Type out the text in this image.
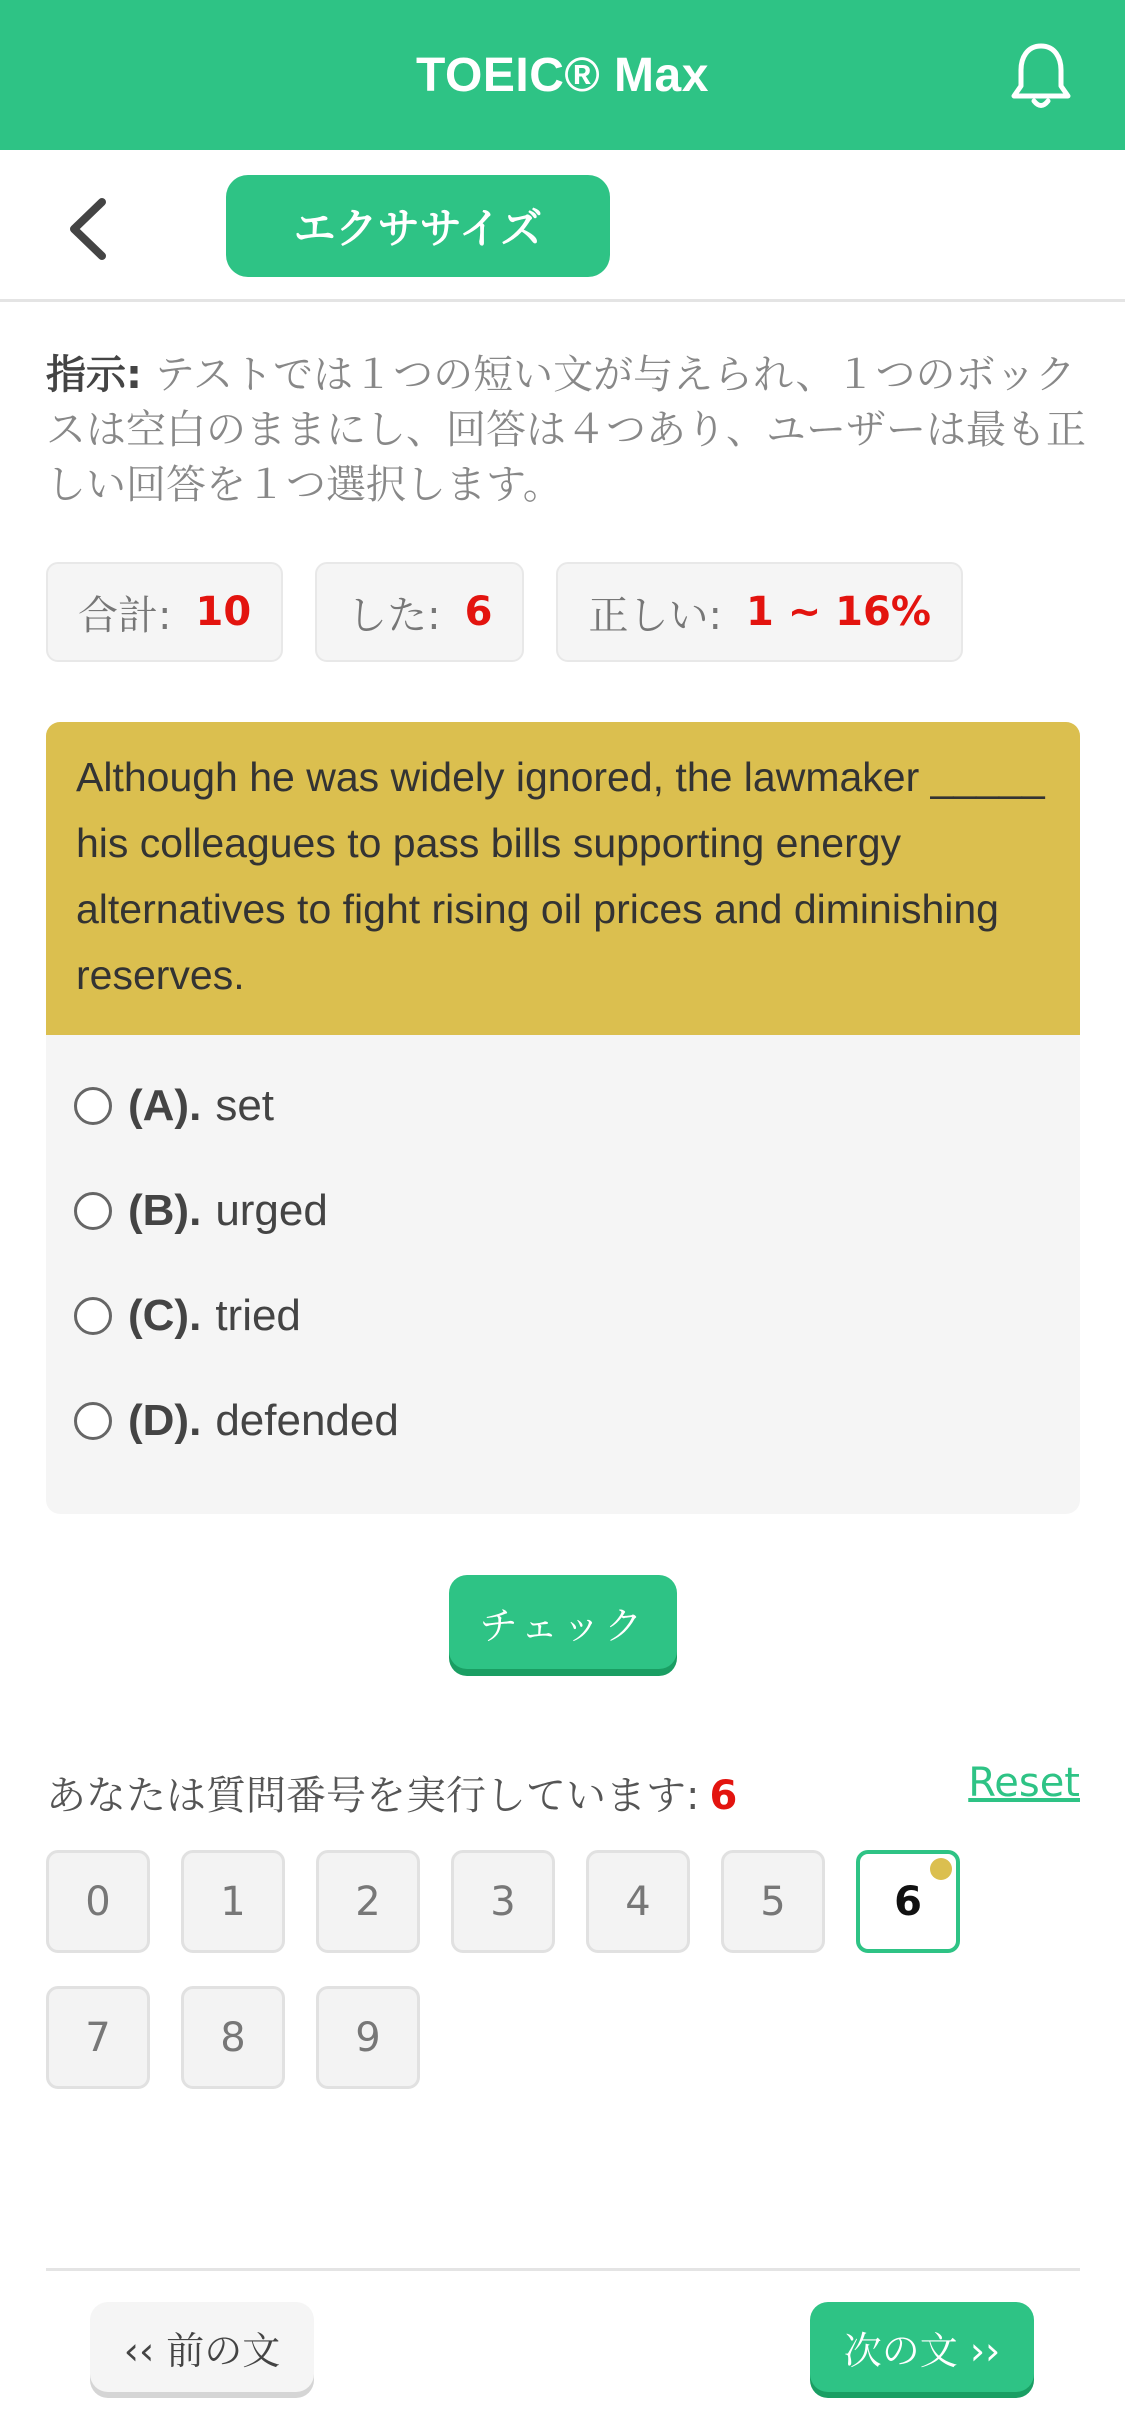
TOEIC® Max
エクササイズ
指示: テストでは１つの短い文が与えられ、１つのボックスは空白のままにし、回答は４つあり、ユーザーは最も正しい回答を１つ選択します。
合計: 10 した: 6 正しい: 1 ~ 16%
Although he was widely ignored, the lawmaker _____ his colleagues to pass bills supporting energy alternatives to fight rising oil prices and diminishing reserves.
(A). set
(B). urged
(C). tried
(D). defended
チェック
あなたは質問番号を実行しています: 6	Reset
0	1	2	3	4	5	6
7	8	9
‹‹ 前の文	次の文 ››
